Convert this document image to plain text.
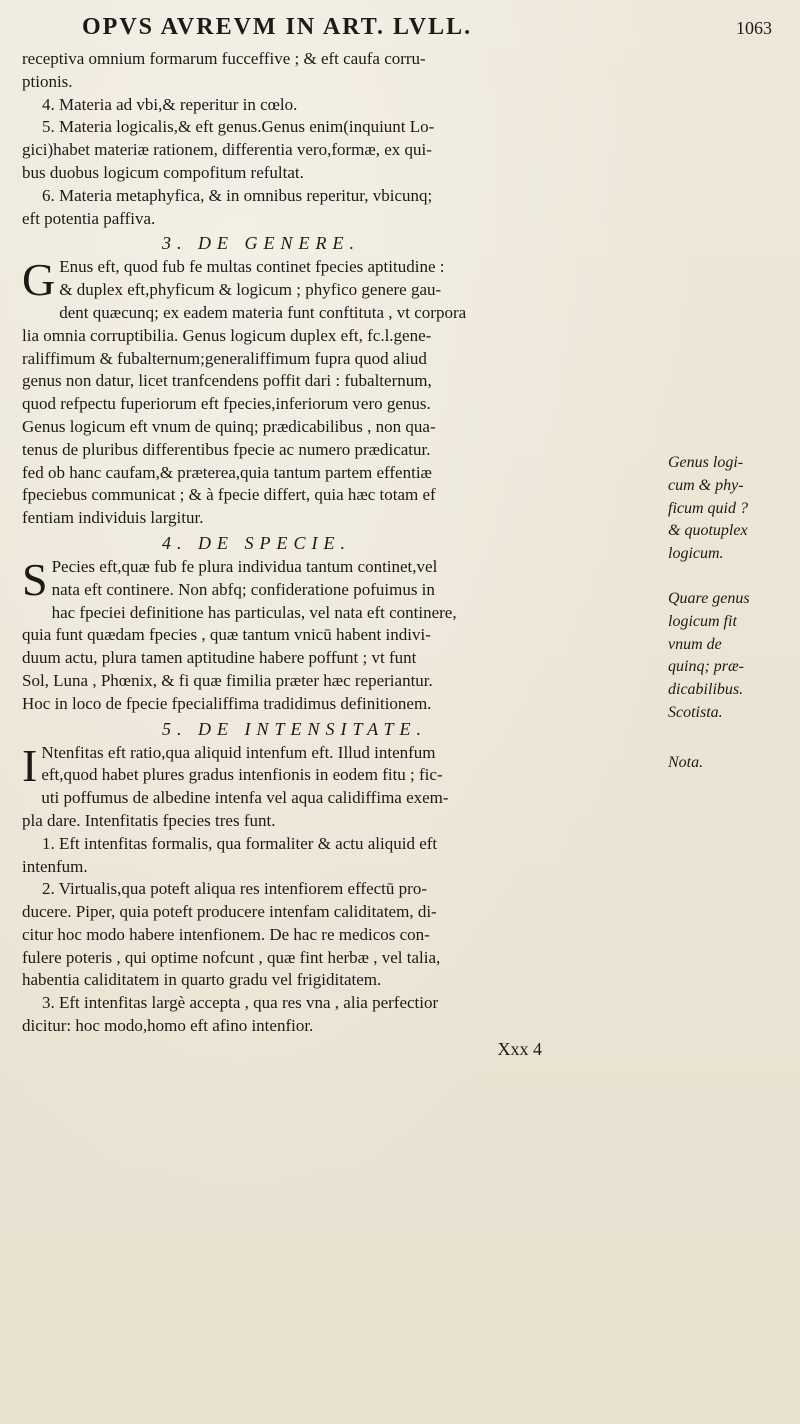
OPVS AVREVM IN ART. LVLL.	1063
receptiva omnium formarum fucceffive ; & eft caufa corru-
ptionis.
4. Materia ad vbi,& reperitur in cœlo.
5. Materia logicalis,& eft genus.Genus enim(inquiunt Lo-
gici)habet materiæ rationem, differentia vero,formæ, ex qui-
bus duobus logicum compofitum refultat.
6. Materia metaphyfica, & in omnibus reperitur, vbicunq;
eft potentia paffiva.
3. DE GENERE.
G Enus eft, quod fub fe multas continet fpecies aptitudine :
& duplex eft,phyficum & logicum ; phyfico genere gau-
dent quæcunq; ex eadem materia funt conftituta , vt corpora
lia omnia corruptibilia. Genus logicum duplex eft, fc.l.gene-
raliffimum & fubalternum;generaliffimum fupra quod aliud
genus non datur, licet tranfcendens poffit dari : fubalternum,
quod refpectu fuperiorum eft fpecies,inferiorum vero genus.
Genus logicum eft vnum de quinq; prædicabilibus , non qua-
tenus de pluribus differentibus fpecie ac numero prædicatur.
fed ob hanc caufam,& præterea,quia tantum partem effentiæ
fpeciebus communicat ; & à fpecie differt, quia hæc totam ef
fentiam individuis largitur.
4. DE SPECIE.
S Pecies eft,quæ fub fe plura individua tantum continet,vel
nata eft continere. Non abfq; confideratione pofuimus in
hac fpeciei definitione has particulas, vel nata eft continere,
quia funt quædam fpecies , quæ tantum vnicū habent indivi-
duum actu, plura tamen aptitudine habere poffunt ; vt funt
Sol, Luna , Phœnix, & fi quæ fimilia præter hæc reperiantur.
Hoc in loco de fpecie fpecialiffima tradidimus definitionem.
5. DE INTENSITATE.
I Ntenfitas eft ratio,qua aliquid intenfum eft. Illud intenfum
eft,quod habet plures gradus intenfionis in eodem fitu ; fic-
uti poffumus de albedine intenfa vel aqua calidiffima exem-
pla dare. Intenfitatis fpecies tres funt.
1. Eft intenfitas formalis, qua formaliter & actu aliquid eft
intenfum.
2. Virtualis,qua poteft aliqua res intenfiorem effectū pro-
ducere. Piper, quia poteft producere intenfam caliditatem, di-
citur hoc modo habere intenfionem. De hac re medicos con-
fulere poteris , qui optime nofcunt , quæ fint herbæ , vel talia,
habentia caliditatem in quarto gradu vel frigiditatem.
3. Eft intenfitas largè accepta , qua res vna , alia perfectior
dicitur: hoc modo,homo eft afino intenfior.
Xxx 4
Genus logi-
cum & phy-
ficum quid ?
& quotuplex
logicum.
Quare genus
logicum fit
vnum de
quinq; præ-
dicabilibus.
Scotista.
Nota.
